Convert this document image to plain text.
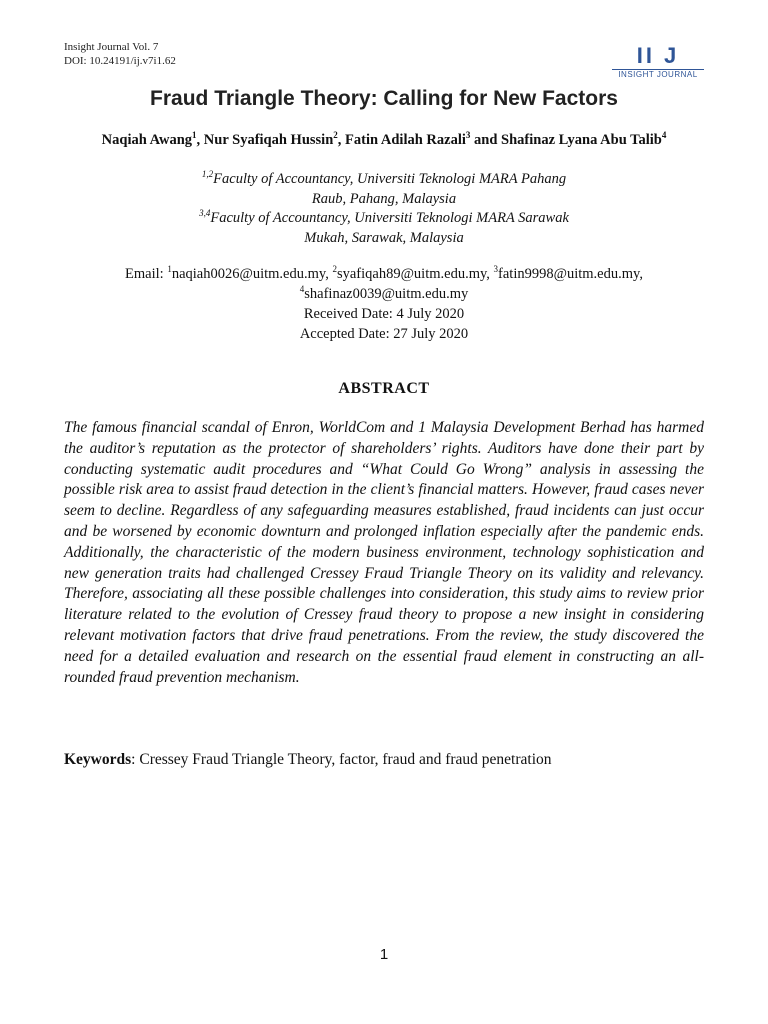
Insight Journal Vol. 7
DOI: 10.24191/ij.v7i1.62	II J
INSIGHT JOURNAL
Fraud Triangle Theory: Calling for New Factors

Naqiah Awang$^1$, Nur Syafiqah Hussin$^2$, Fatin Adilah Razali$^3$ and Shafinaz Lyana Abu Talib$^4$

$^{1,2}$Faculty of Accountancy, Universiti Teknologi MARA Pahang
Raub, Pahang, Malaysia
$^{3,4}$Faculty of Accountancy, Universiti Teknologi MARA Sarawak
Mukah, Sarawak, Malaysia
Email: $^1$naqiah0026@uitm.edu.my, $^2$syafiqah89@uitm.edu.my, $^3$fatin9998@uitm.edu.my,
$^4$shafinaz0039@uitm.edu.my
Received Date: 4 July 2020
Accepted Date: 27 July 2020
ABSTRACT

The famous financial scandal of Enron, WorldCom and 1 Malaysia Development Berhad has harmed the auditor’s reputation as the protector of shareholders’ rights. Auditors have done their part by conducting systematic audit procedures and “What Could Go Wrong” analysis in assessing the possible risk area to assist fraud detection in the client’s financial matters. However, fraud cases never seem to decline. Regardless of any safeguarding measures established, fraud incidents can just occur and be worsened by economic downturn and prolonged inflation especially after the pandemic ends. Additionally, the characteristic of the modern business environment, technology sophistication and new generation traits had challenged Cressey Fraud Triangle Theory on its validity and relevancy. Therefore, associating all these possible challenges into consideration, this study aims to review prior literature related to the evolution of Cressey fraud theory to propose a new insight in considering relevant motivation factors that drive fraud penetrations. From the review, the study discovered the need for a detailed evaluation and research on the essential fraud element in constructing an all-rounded fraud prevention mechanism.

Keywords: Cressey Fraud Triangle Theory, factor, fraud and fraud penetration

1
